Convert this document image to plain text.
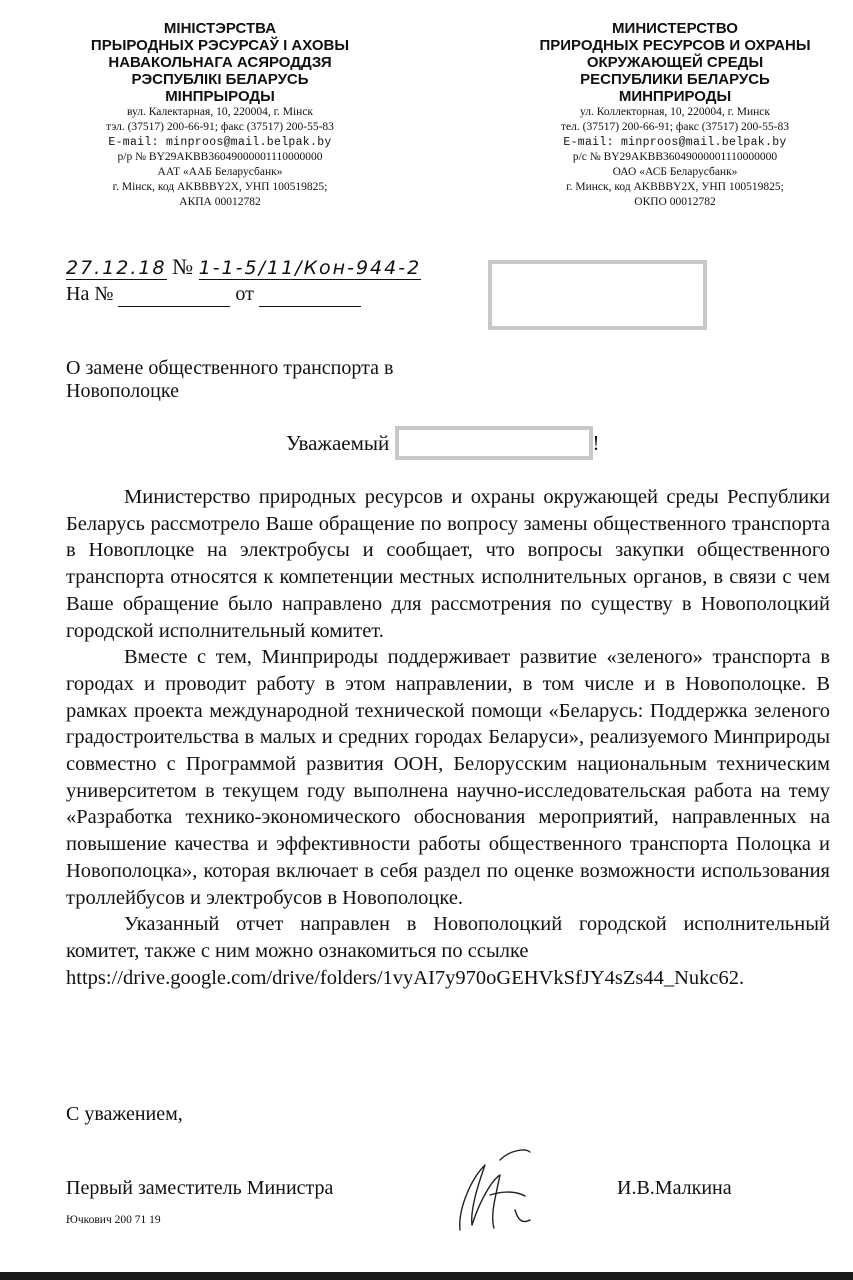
МІНІСТЭРСТВА
ПРЫРОДНЫХ РЭСУРСАЎ І АХОВЫ
НАВАКОЛЬНАГА АСЯРОДДЗЯ
РЭСПУБЛІКІ БЕЛАРУСЬ
МІНПРЫРОДЫ
вул. Калектарная, 10, 220004, г. Мінск
тэл. (37517) 200-66-91; факс (37517) 200-55-83
E-mail: minproos@mail.belpak.by
р/р № BY29AKBB36049000001110000000
ААТ «ААБ Беларусбанк»
г. Мінск, код AKBBBY2X, УНП 100519825;
АКПА 00012782
МИНИСТЕРСТВО
ПРИРОДНЫХ РЕСУРСОВ И ОХРАНЫ
ОКРУЖАЮЩЕЙ СРЕДЫ
РЕСПУБЛИКИ БЕЛАРУСЬ
МИНПРИРОДЫ
ул. Коллекторная, 10, 220004, г. Минск
тел. (37517) 200-66-91; факс (37517) 200-55-83
E-mail: minproos@mail.belpak.by
р/с № BY29AKBB36049000001110000000
ОАО «АСБ Беларусбанк»
г. Минск, код AKBBBY2X, УНП 100519825;
ОКПО 00012782
27.12.18 № 1-1-5/11/Кон-944-2
На №	от
О замене общественного транспорта в Новополоцке
Уважаемый	!

Министерство природных ресурсов и охраны окружающей среды Республики Беларусь рассмотрело Ваше обращение по вопросу замены общественного транспорта в Новоплоцке на электробусы и сообщает, что вопросы закупки общественного транспорта относятся к компетенции местных исполнительных органов, в связи с чем Ваше обращение было направлено для рассмотрения по существу в Новополоцкий городской исполнительный комитет.

Вместе с тем, Минприроды поддерживает развитие «зеленого» транспорта в городах и проводит работу в этом направлении, в том числе и в Новополоцке. В рамках проекта международной технической помощи «Беларусь: Поддержка зеленого градостроительства в малых и средних городах Беларуси», реализуемого Минприроды совместно с Программой развития ООН, Белорусским национальным техническим университетом в текущем году выполнена научно-исследовательская работа на тему «Разработка технико-экономического обоснования мероприятий, направленных на повышение качества и эффективности работы общественного транспорта Полоцка и Новополоцка», которая включает в себя раздел по оценке возможности использования троллейбусов и электробусов в Новополоцке.

Указанный отчет направлен в Новополоцкий городской исполнительный комитет, также с ним можно ознакомиться по ссылке

https://drive.google.com/drive/folders/1vyAI7y970oGEHVkSfJY4sZs44_Nukc62.

С уважением,
Первый заместитель Министра	И.В.Малкина
Ючкович 200 71 19
